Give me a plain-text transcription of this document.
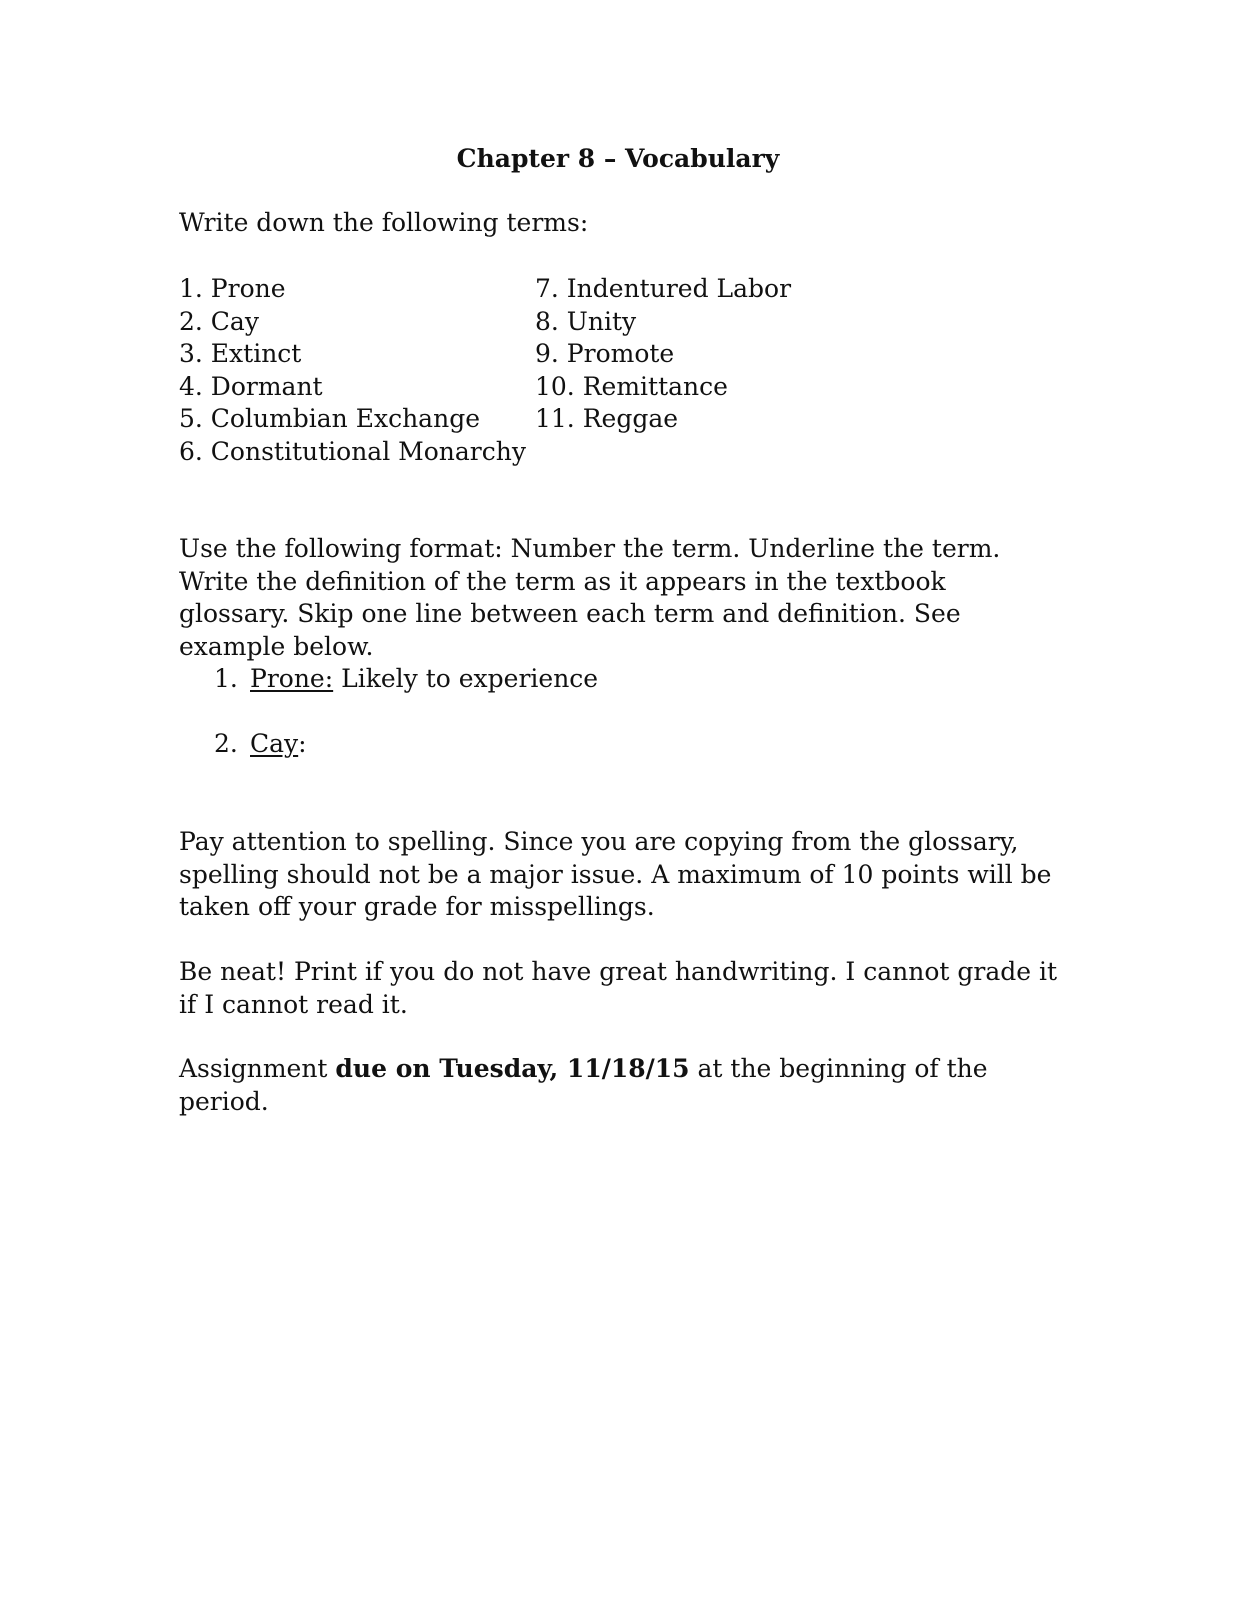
Chapter 8 – Vocabulary

Write down the following terms:

1. Prone
2. Cay
3. Extinct
4. Dormant
5. Columbian Exchange
6. Constitutional Monarchy
7. Indentured Labor
8. Unity
9. Promote
10. Remittance
11. Reggae

Use the following format: Number the term. Underline the term. Write the definition of the term as it appears in the textbook glossary. Skip one line between each term and definition. See example below.

1. Prone: Likely to experience
2. Cay:

Pay attention to spelling. Since you are copying from the glossary, spelling should not be a major issue. A maximum of 10 points will be taken off your grade for misspellings.

Be neat! Print if you do not have great handwriting. I cannot grade it if I cannot read it.

Assignment due on Tuesday, 11/18/15 at the beginning of the period.
